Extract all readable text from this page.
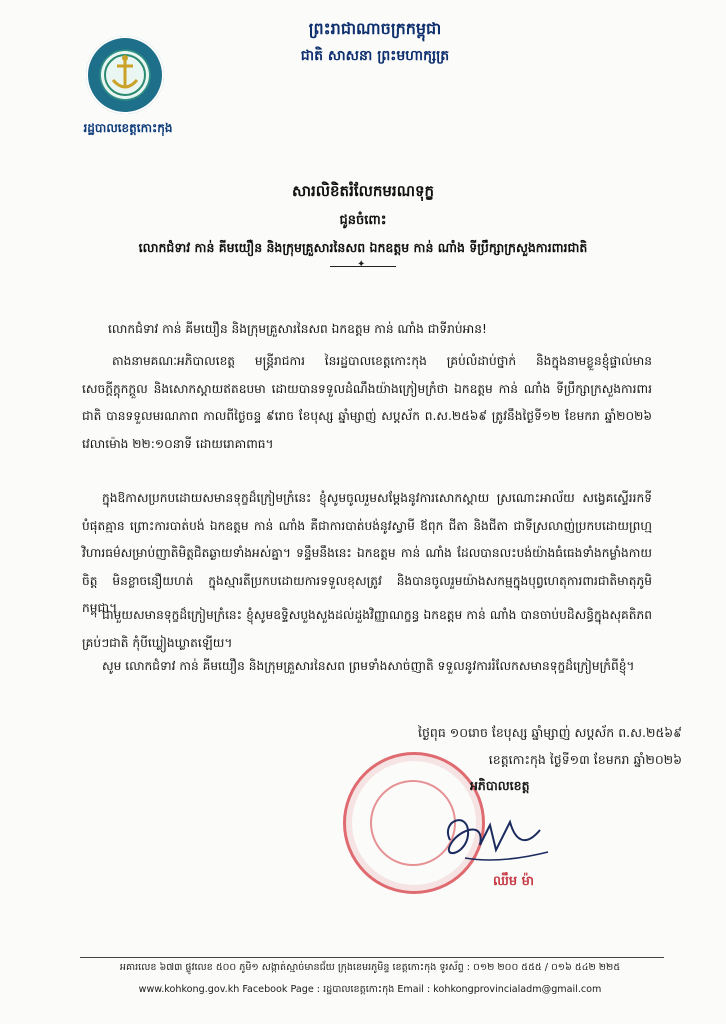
រដ្ឋបាលខេត្តកោះកុង
ព្រះរាជាណាចក្រកម្ពុជា
ជាតិ សាសនា ព្រះមហាក្សត្រ
សារលិខិតរំលែកមរណទុក្ខ
ជូនចំពោះ
លោកជំទាវ កាន់ គីមយឿន និងក្រុមគ្រួសារនៃសព ឯកឧត្តម កាន់ ណាំង ទីប្រឹក្សាក្រសួងការពារជាតិ
✦
លោកជំទាវ កាន់ គីមយឿន និងក្រុមគ្រួសារនៃសព ឯកឧត្តម កាន់ ណាំង ជាទីរាប់អាន!
តាងនាមគណៈអភិបាលខេត្ត មន្ត្រីរាជការ នៃរដ្ឋបាលខេត្តកោះកុង គ្រប់លំដាប់ថ្នាក់ និងក្នុងនាមខ្លួនខ្ញុំផ្ទាល់មានសេចក្តីក្តុកក្តួល និងសោកស្តាយឥតឧបមា ដោយបានទទួលដំណឹងយ៉ាងក្រៀមក្រំថា ឯកឧត្តម កាន់ ណាំង ទីប្រឹក្សាក្រសួងការពារជាតិ បានទទួលមរណភាព កាលពីថ្ងៃចន្ទ ៩រោច ខែបុស្ស ឆ្នាំម្សាញ់ សប្តស័ក ព.ស.២៥៦៩ ត្រូវនឹងថ្ងៃទី១២ ខែមករា ឆ្នាំ២០២៦ វេលាម៉ោង ២២:១០នាទី ដោយរោគាពាធ។
ក្នុងឱកាសប្រកបដោយសមានទុក្ខដ៏ក្រៀមក្រំនេះ ខ្ញុំសូមចូលរួមសម្តែងនូវការសោកស្តាយ ស្រណោះអាល័យ សង្វេគស្ទើររកទីបំផុតគ្មាន ព្រោះការបាត់បង់ ឯកឧត្តម កាន់ ណាំង គឺជាការបាត់បង់នូវស្វាមី ឪពុក ជីតា និងជីតា ជាទីស្រលាញ់ប្រកបដោយព្រហ្មវិហារធម៌សម្រាប់ញាតិមិត្តជិតឆ្ងាយទាំងអស់គ្នា។ ទន្ទឹមនឹងនេះ ឯកឧត្តម កាន់ ណាំង ដែលបានលះបង់យ៉ាងធំធេងទាំងកម្លាំងកាយចិត្ត មិនខ្លាចនឿយហត់ ក្នុងស្មារតីប្រកបដោយការទទួលខុសត្រូវ និងបានចូលរួមយ៉ាងសកម្មក្នុងបុព្វហេតុការពារជាតិមាតុភូមិកម្ពុជា។
ជាមួយសមានទុក្ខដ៏ក្រៀមក្រំនេះ ខ្ញុំសូមឧទ្ទិសបួងសួងដល់ដួងវិញ្ញាណក្ខន្ធ ឯកឧត្តម កាន់ ណាំង បានចាប់បដិសន្ធិក្នុងសុគតិភពគ្រប់ៗជាតិ កុំបីឃ្លៀងឃ្លាតឡើយ។
សូម លោកជំទាវ កាន់ គីមយឿន និងក្រុមគ្រួសារនៃសព ព្រមទាំងសាច់ញាតិ ទទួលនូវការរំលែកសមានទុក្ខដ៏ក្រៀមក្រំពីខ្ញុំ។
ថ្ងៃពុធ ១០រោច ខែបុស្ស ឆ្នាំម្សាញ់ សប្តស័ក ព.ស.២៥៦៩
ខេត្តកោះកុង ថ្ងៃទី១៣ ខែមករា ឆ្នាំ២០២៦
អភិបាលខេត្ត
ឈឹម ម៉ា
អគារលេខ ៦៧៣ ផ្លូវលេខ ៥០០ ភូមិ១ សង្កាត់ស្មាច់មានជ័យ ក្រុងខេមរភូមិន្ទ ខេត្តកោះកុង ទូរស័ព្ទ : ០១២ ២០០ ៥៥៥ / ០១៦ ៥៤២ ២២៥
www.kohkong.gov.kh Facebook Page : រដ្ឋបាលខេត្តកោះកុង Email : kohkongprovincialadm@gmail.com
